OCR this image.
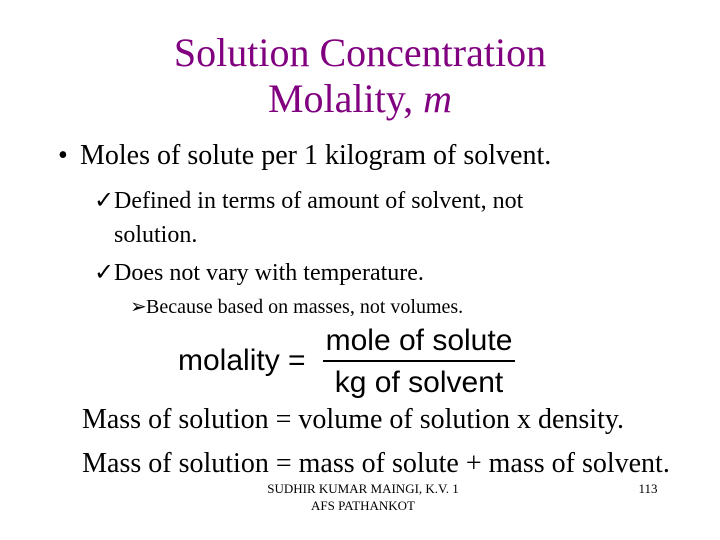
Solution Concentration
Molality, m
• Moles of solute per 1 kilogram of solvent.
✓Defined in terms of amount of solvent, not
solution.
✓Does not vary with temperature.
➢Because based on masses, not volumes.
molality =
mole of solute
kg of solvent
Mass of solution = volume of solution x density.
Mass of solution = mass of solute + mass of solvent.
SUDHIR KUMAR MAINGI, K.V. 1
AFS PATHANKOT
113
